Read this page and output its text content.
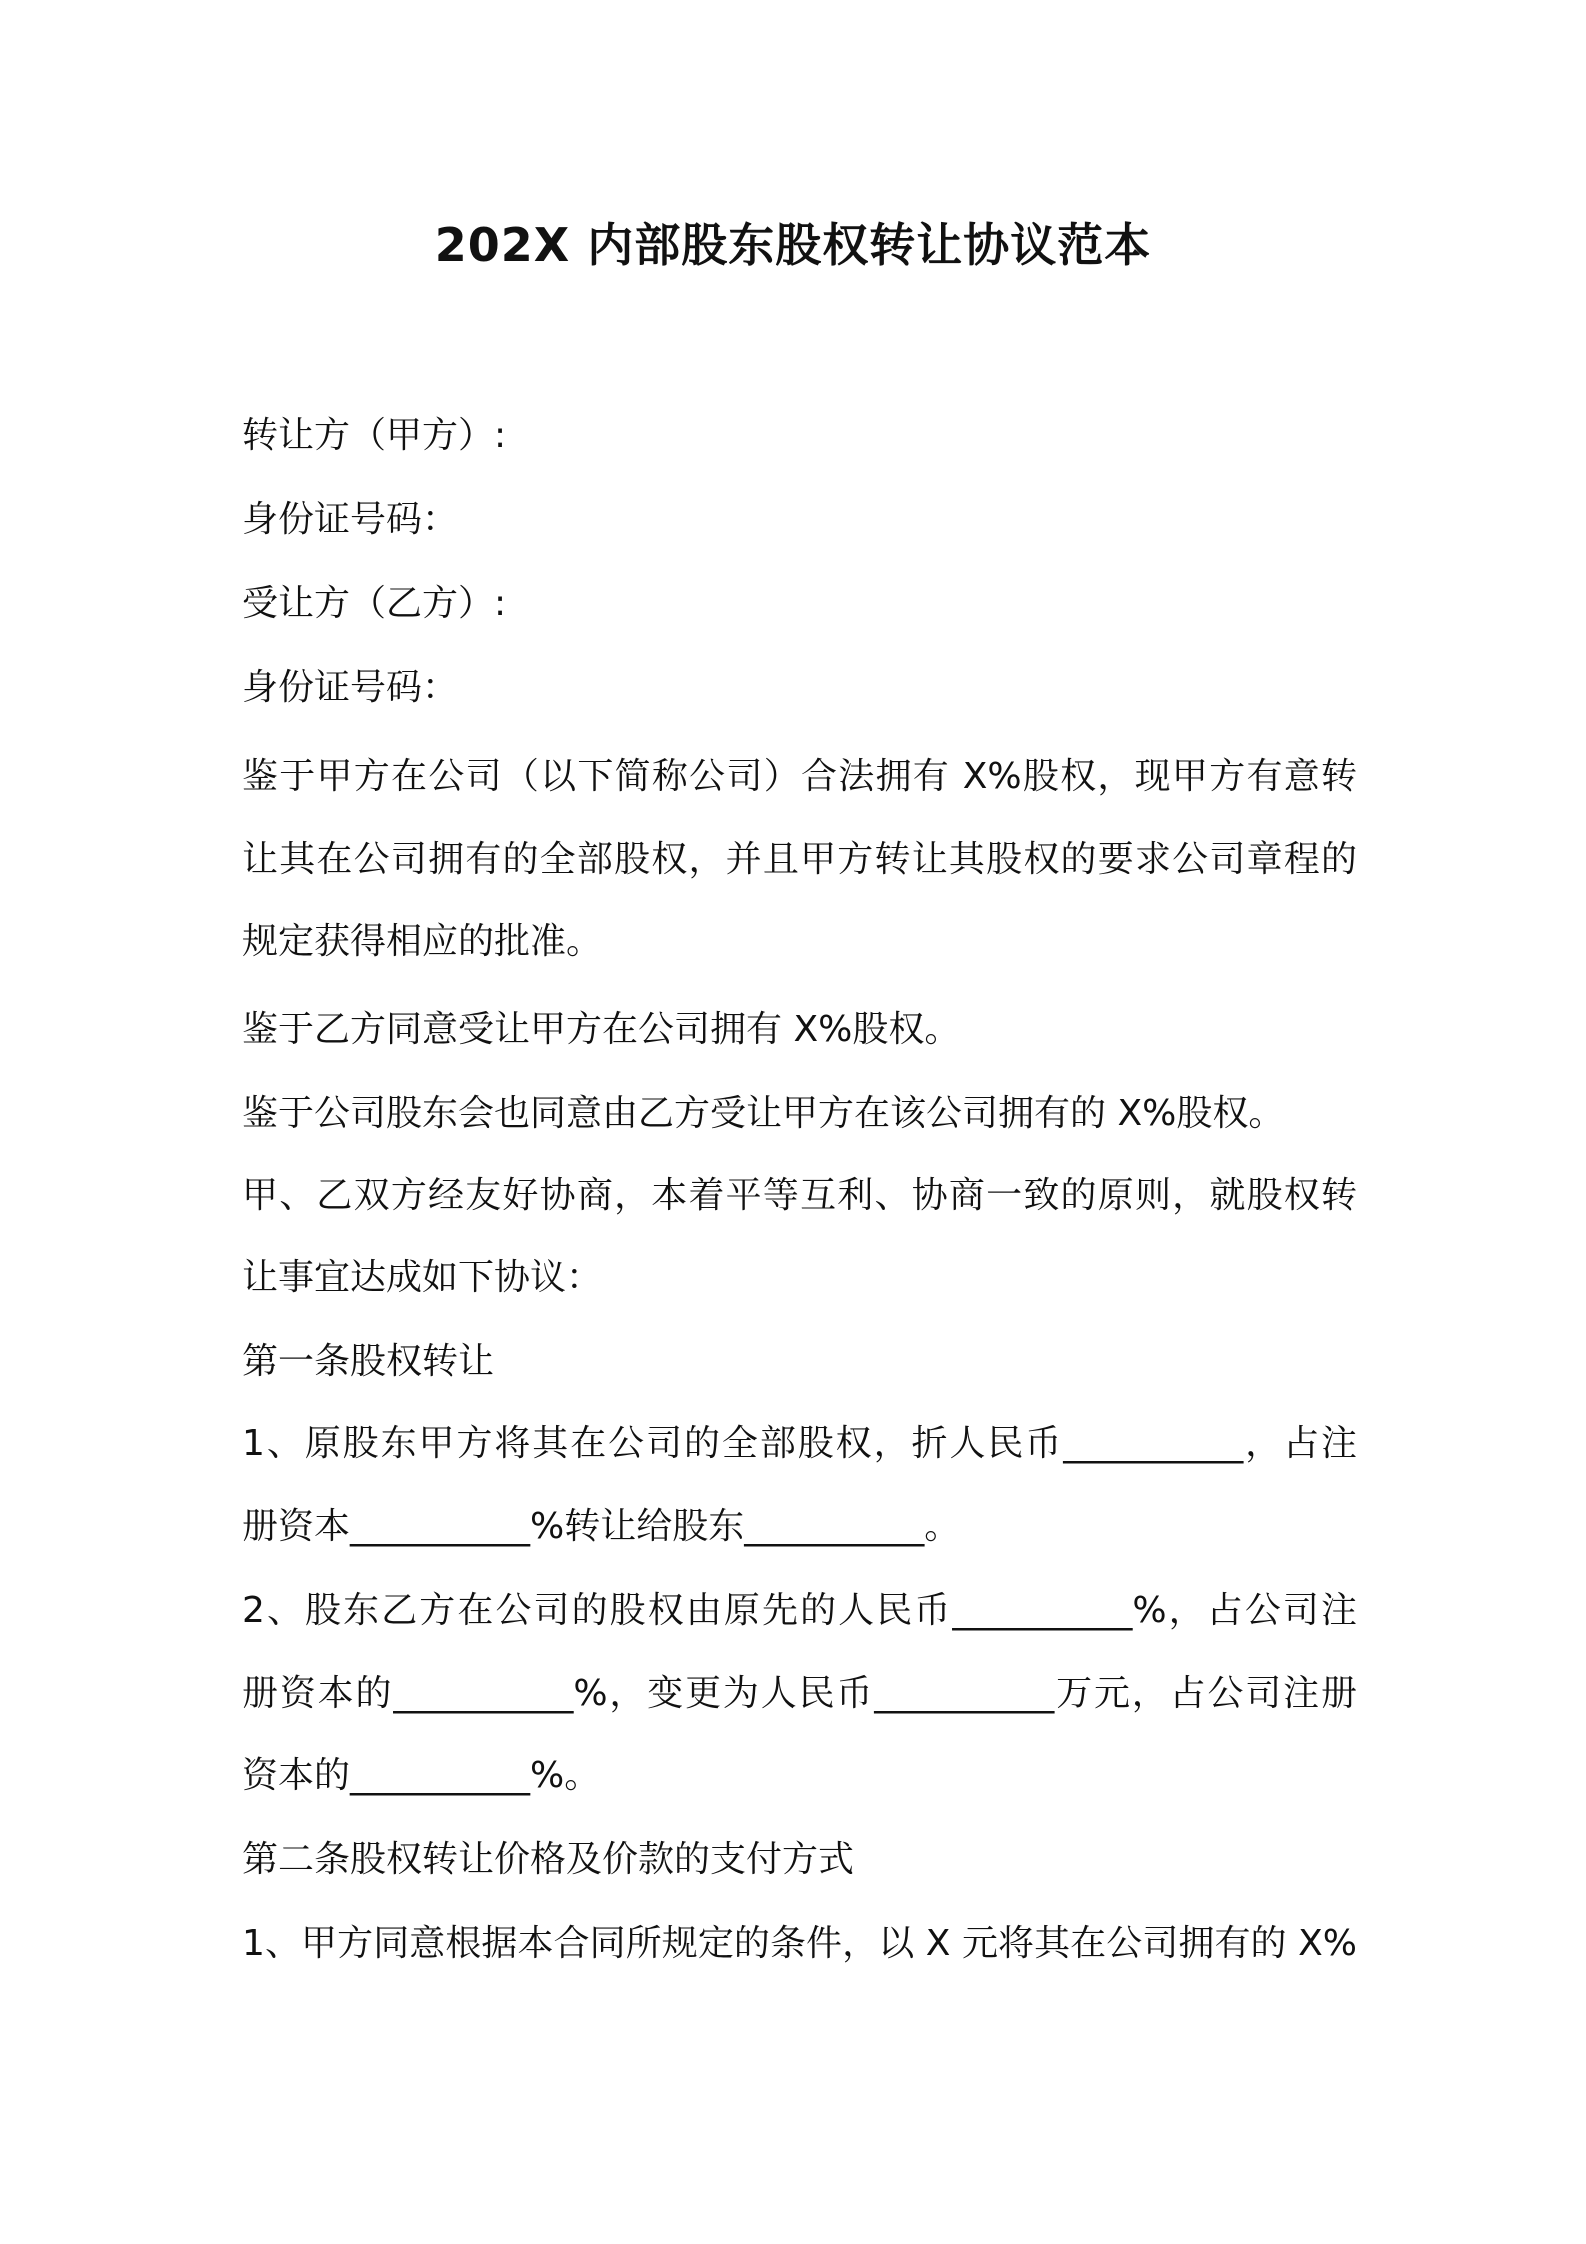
202X 内部股东股权转让协议范本
转让方（甲方）:
身份证号码：
受让方（乙方）:
身份证号码：
鉴于甲方在公司（以下简称公司）合法拥有 X%股权，现甲方有意转
让其在公司拥有的全部股权，并且甲方转让其股权的要求公司章程的
规定获得相应的批准。
鉴于乙方同意受让甲方在公司拥有 X%股权。
鉴于公司股东会也同意由乙方受让甲方在该公司拥有的 X%股权。
甲、乙双方经友好协商，本着平等互利、协商一致的原则，就股权转
让事宜达成如下协议：
第一条股权转让
1、原股东甲方将其在公司的全部股权，折人民币__________，占注
册资本__________%转让给股东__________。
2、股东乙方在公司的股权由原先的人民币__________%，占公司注
册资本的__________%，变更为人民币__________万元，占公司注册
资本的__________%。
第二条股权转让价格及价款的支付方式
1、甲方同意根据本合同所规定的条件，以 X 元将其在公司拥有的 X%
